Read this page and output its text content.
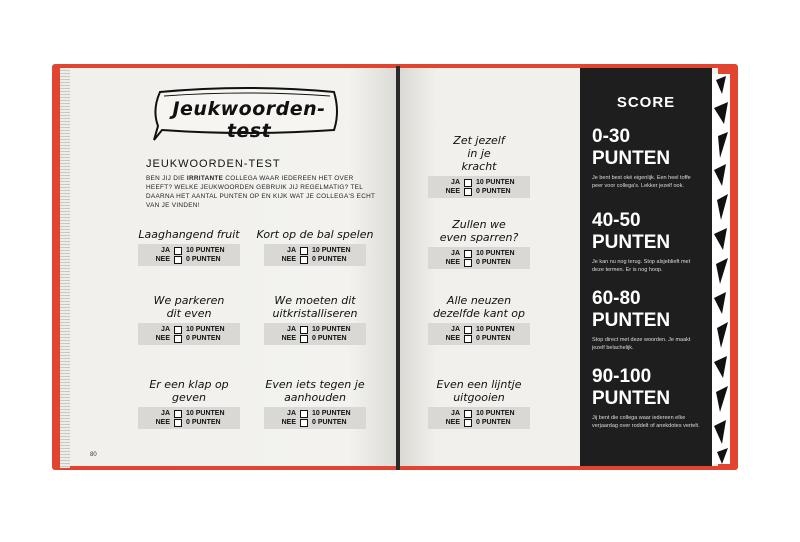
Jeukwoorden-test
JEUKWOORDEN-TEST
BEN JIJ DIE IRRITANTE COLLEGA WAAR IEDEREEN HET OVER HEEFT? WELKE JEUKWOORDEN GEBRUIK JIJ REGELMATIG? TEL DAARNA HET AANTAL PUNTEN OP EN KIJK WAT JE COLLEGA'S ECHT VAN JE VINDEN!
Laaghangend fruit
JA 10 PUNTEN
NEE 0 PUNTEN
Kort op de bal spelen
JA 10 PUNTEN
NEE 0 PUNTEN
We parkeren dit even
JA 10 PUNTEN
NEE 0 PUNTEN
We moeten dit uitkristalliseren
JA 10 PUNTEN
NEE 0 PUNTEN
Er een klap op geven
JA 10 PUNTEN
NEE 0 PUNTEN
Even iets tegen je aanhouden
JA 10 PUNTEN
NEE 0 PUNTEN
80
Zet jezelf in je kracht
JA 10 PUNTEN
NEE 0 PUNTEN
Zullen we even sparren?
JA 10 PUNTEN
NEE 0 PUNTEN
Alle neuzen dezelfde kant op
JA 10 PUNTEN
NEE 0 PUNTEN
Even een lijntje uitgooien
JA 10 PUNTEN
NEE 0 PUNTEN
SCORE
0-30
PUNTEN
Je bent best oké eigenlijk. Een heel toffe peer voor collega's. Lekker jezelf ook.
40-50
PUNTEN
Je kan nu nog terug. Stop alsjeblieft met deze termen. Er is nog hoop.
60-80
PUNTEN
Stop direct met deze woorden. Je maakt jezelf belachelijk.
90-100
PUNTEN
Jij bent die collega waar iedereen elke verjaardag over roddelt of anekdotes vertelt.
